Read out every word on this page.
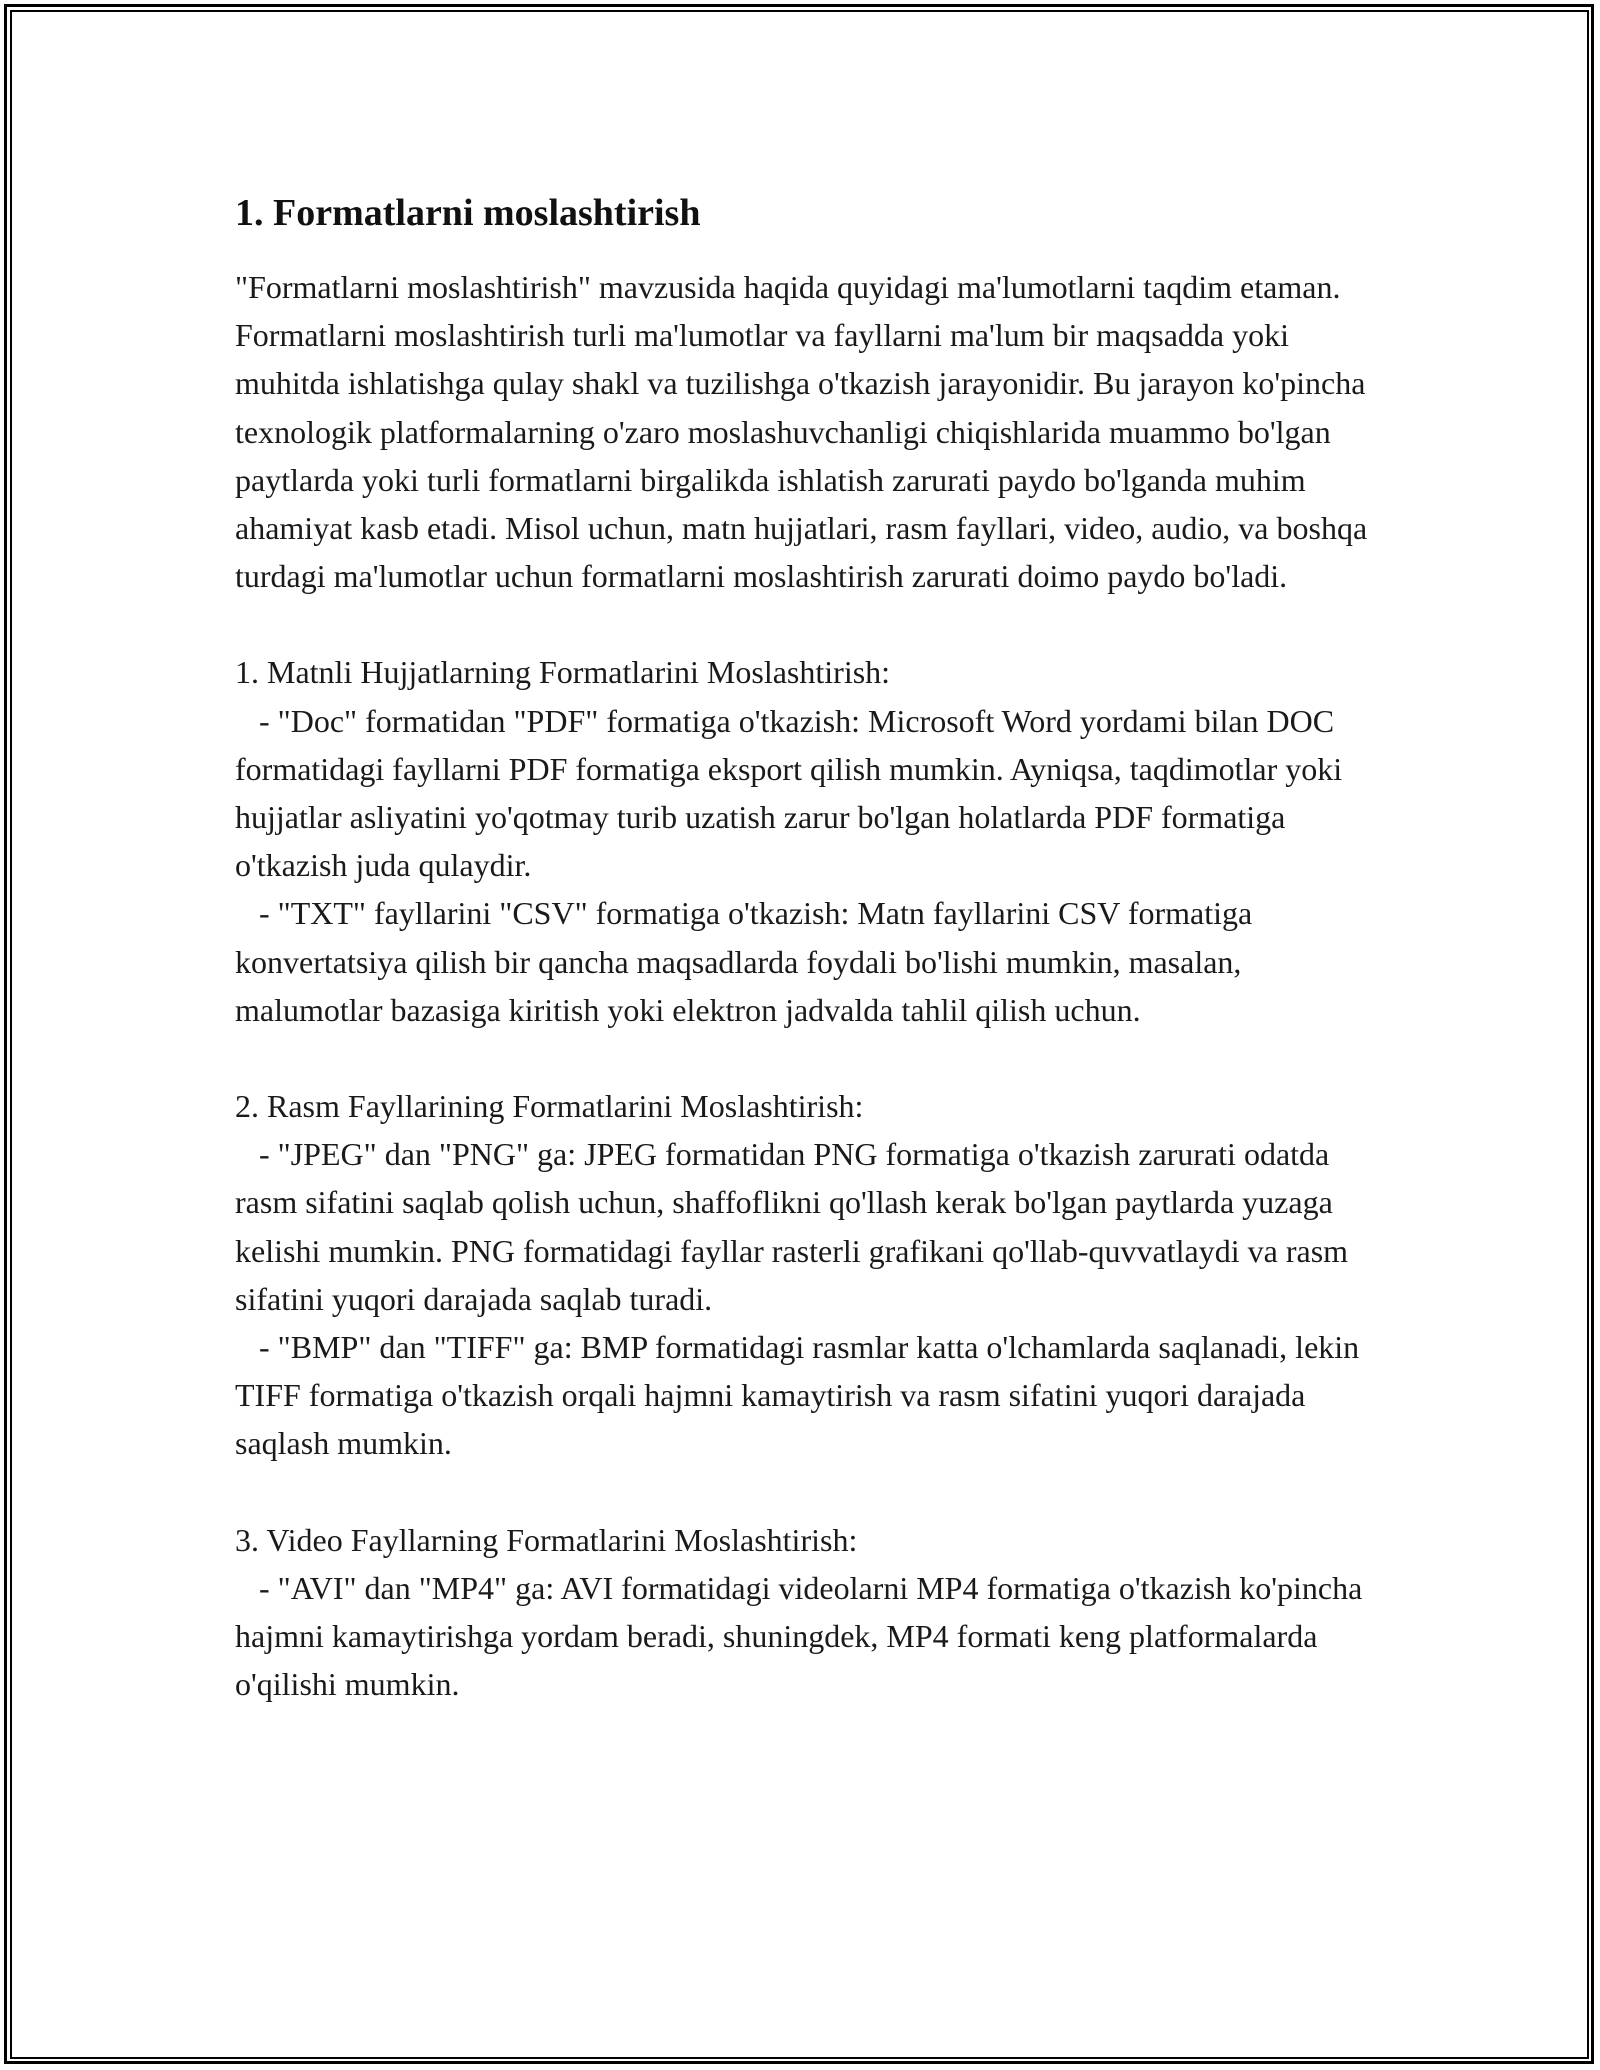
1. Formatlarni moslashtirish

"Formatlarni moslashtirish" mavzusida haqida quyidagi ma'lumotlarni taqdim etaman. Formatlarni moslashtirish turli ma'lumotlar va fayllarni ma'lum bir maqsadda yoki muhitda ishlatishga qulay shakl va tuzilishga o'tkazish jarayonidir. Bu jarayon ko'pincha texnologik platformalarning o'zaro moslashuvchanligi chiqishlarida muammo bo'lgan paytlarda yoki turli formatlarni birgalikda ishlatish zarurati paydo bo'lganda muhim ahamiyat kasb etadi. Misol uchun, matn hujjatlari, rasm fayllari, video, audio, va boshqa turdagi ma'lumotlar uchun formatlarni moslashtirish zarurati doimo paydo bo'ladi.

1. Matnli Hujjatlarning Formatlarini Moslashtirish:

- "Doc" formatidan "PDF" formatiga o'tkazish: Microsoft Word yordami bilan DOC formatidagi fayllarni PDF formatiga eksport qilish mumkin. Ayniqsa, taqdimotlar yoki hujjatlar asliyatini yo'qotmay turib uzatish zarur bo'lgan holatlarda PDF formatiga o'tkazish juda qulaydir.

- "TXT" fayllarini "CSV" formatiga o'tkazish: Matn fayllarini CSV formatiga konvertatsiya qilish bir qancha maqsadlarda foydali bo'lishi mumkin, masalan, malumotlar bazasiga kiritish yoki elektron jadvalda tahlil qilish uchun.

2. Rasm Fayllarining Formatlarini Moslashtirish:

- "JPEG" dan "PNG" ga: JPEG formatidan PNG formatiga o'tkazish zarurati odatda rasm sifatini saqlab qolish uchun, shaffoflikni qo'llash kerak bo'lgan paytlarda yuzaga kelishi mumkin. PNG formatidagi fayllar rasterli grafikani qo'llab-quvvatlaydi va rasm sifatini yuqori darajada saqlab turadi.

- "BMP" dan "TIFF" ga: BMP formatidagi rasmlar katta o'lchamlarda saqlanadi, lekin TIFF formatiga o'tkazish orqali hajmni kamaytirish va rasm sifatini yuqori darajada saqlash mumkin.

3. Video Fayllarning Formatlarini Moslashtirish:

- "AVI" dan "MP4" ga: AVI formatidagi videolarni MP4 formatiga o'tkazish ko'pincha hajmni kamaytirishga yordam beradi, shuningdek, MP4 formati keng platformalarda o'qilishi mumkin.
